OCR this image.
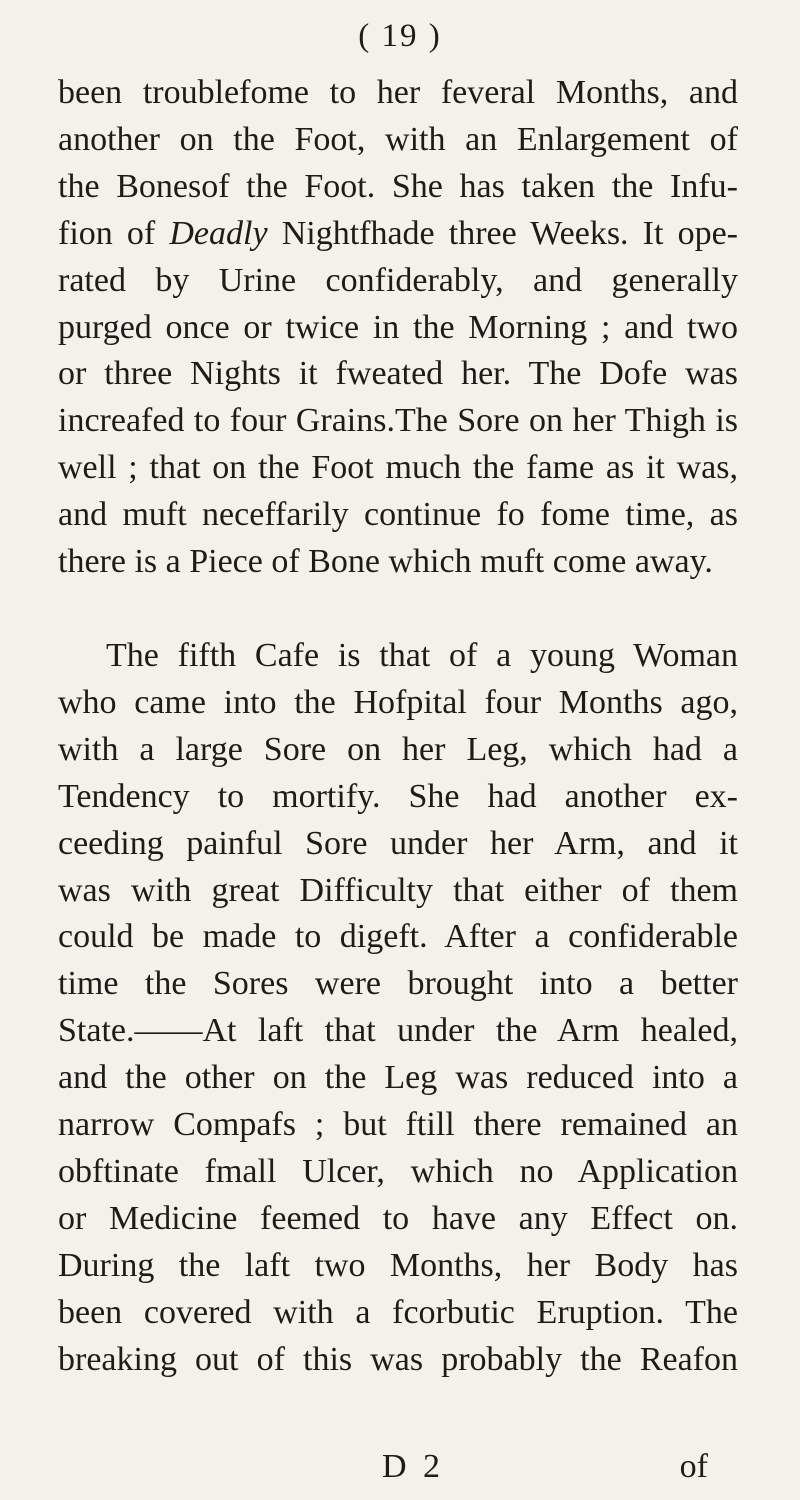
( 19 )
been troublefome to her feveral Months, and
another on the Foot, with an Enlargement of
the Bonesof the Foot. She has taken the Infu-
fion of Deadly Nightfhade three Weeks. It ope-
rated by Urine confiderably, and generally
purged once or twice in the Morning ; and two
or three Nights it fweated her. The Dofe was
increafed to four Grains.The Sore on her Thigh is
well ; that on the Foot much the fame as it was,
and muft neceffarily continue fo fome time, as
there is a Piece of Bone which muft come away.
The fifth Cafe is that of a young Woman
who came into the Hofpital four Months ago,
with a large Sore on her Leg, which had a
Tendency to mortify. She had another ex-
ceeding painful Sore under her Arm, and it
was with great Difficulty that either of them
could be made to digeft. After a confiderable
time the Sores were brought into a better
State.——At laft that under the Arm healed,
and the other on the Leg was reduced into a
narrow Compafs ; but ftill there remained an
obftinate fmall Ulcer, which no Application
or Medicine feemed to have any Effect on.
During the laft two Months, her Body has
been covered with a fcorbutic Eruption. The
breaking out of this was probably the Reafon
D 2	of
